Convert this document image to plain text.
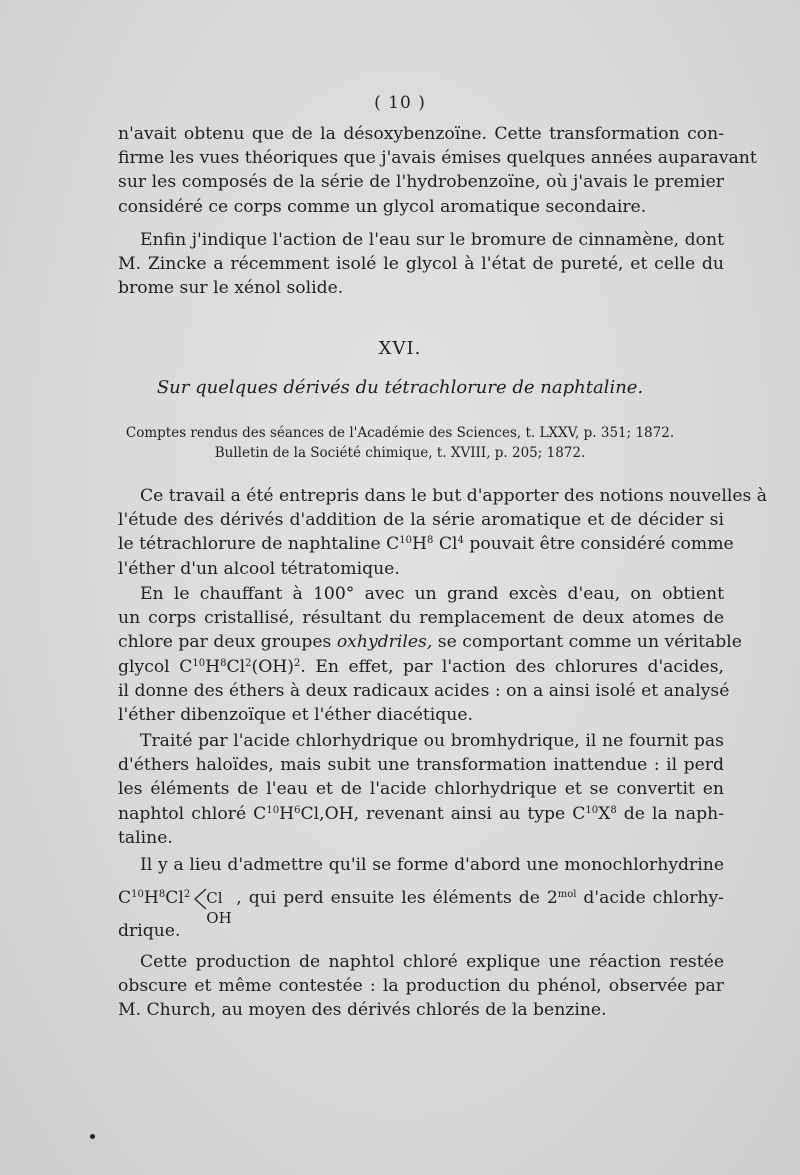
( 10 )
n'avait obtenu que de la désoxybenzoïne. Cette transformation con-
firme les vues théoriques que j'avais émises quelques années auparavant
sur les composés de la série de l'hydrobenzoïne, où j'avais le premier
considéré ce corps comme un glycol aromatique secondaire.
Enfin j'indique l'action de l'eau sur le bromure de cinnamène, dont
M. Zincke a récemment isolé le glycol à l'état de pureté, et celle du
brome sur le xénol solide.
XVI.
Sur quelques dérivés du tétrachlorure de naphtaline.
Comptes rendus des séances de l'Académie des Sciences, t. LXXV, p. 351; 1872.
Bulletin de la Société chimique, t. XVIII, p. 205; 1872.
Ce travail a été entrepris dans le but d'apporter des notions nouvelles à
l'étude des dérivés d'addition de la série aromatique et de décider si
le tétrachlorure de naphtaline $C^{10}H^8$ Cl$^4$ pouvait être considéré comme
l'éther d'un alcool tétratomique.
En le chauffant à 100° avec un grand excès d'eau, on obtient
un corps cristallisé, résultant du remplacement de deux atomes de
chlore par deux groupes oxhydriles, se comportant comme un véritable
glycol $C^{10}H^8Cl^2(OH)^2$. En effet, par l'action des chlorures d'acides,
il donne des éthers à deux radicaux acides : on a ainsi isolé et analysé
l'éther dibenzoïque et l'éther diacétique.
Traité par l'acide chlorhydrique ou bromhydrique, il ne fournit pas
d'éthers haloïdes, mais subit une transformation inattendue : il perd
les éléments de l'eau et de l'acide chlorhydrique et se convertit en
naphtol chloré $C^{10}H^6Cl,OH$, revenant ainsi au type $C^{10}X^8$ de la naph-
taline.
Il y a lieu d'admettre qu'il se forme d'abord une monochlorhydrine
$C^{10}H^8Cl^2$ Cl
OH
, qui perd ensuite les éléments de $2^{mol}$ d'acide chlorhy-
drique.
Cette production de naphtol chloré explique une réaction restée
obscure et même contestée : la production du phénol, observée par
M. Church, au moyen des dérivés chlorés de la benzine.
